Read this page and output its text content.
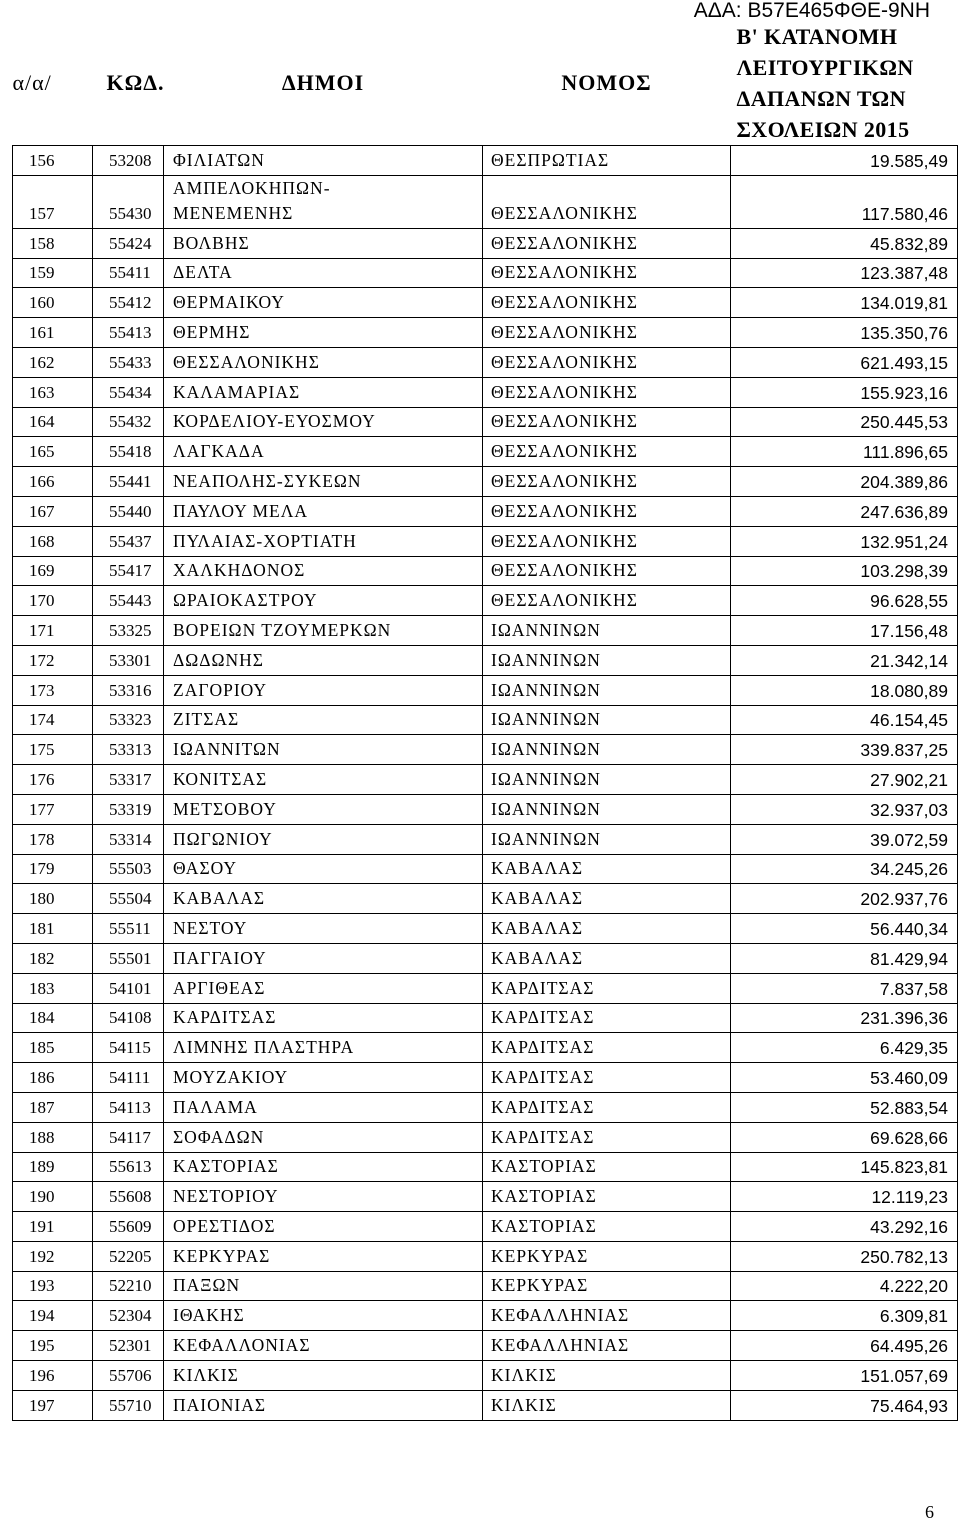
ΑΔΑ: Β57Ε465ΦΘΕ-9ΝΗ
α/α/	ΚΩΔ.	ΔΗΜΟΙ	ΝΟΜΟΣ	Β' ΚΑΤΑΝΟΜΗ
ΛΕΙΤΟΥΡΓΙΚΩΝ
ΔΑΠΑΝΩΝ ΤΩΝ
ΣΧΟΛΕΙΩΝ 2015

156	53208	ΦΙΛΙΑΤΩΝ	ΘΕΣΠΡΩΤΙΑΣ	19.585,49
157	55430	ΑΜΠΕΛΟΚΗΠΩΝ-
ΜΕΝΕΜΕΝΗΣ	ΘΕΣΣΑΛΟΝΙΚΗΣ	117.580,46
158	55424	ΒΟΛΒΗΣ	ΘΕΣΣΑΛΟΝΙΚΗΣ	45.832,89
159	55411	ΔΕΛΤΑ	ΘΕΣΣΑΛΟΝΙΚΗΣ	123.387,48
160	55412	ΘΕΡΜΑΙΚΟΥ	ΘΕΣΣΑΛΟΝΙΚΗΣ	134.019,81
161	55413	ΘΕΡΜΗΣ	ΘΕΣΣΑΛΟΝΙΚΗΣ	135.350,76
162	55433	ΘΕΣΣΑΛΟΝΙΚΗΣ	ΘΕΣΣΑΛΟΝΙΚΗΣ	621.493,15
163	55434	ΚΑΛΑΜΑΡΙΑΣ	ΘΕΣΣΑΛΟΝΙΚΗΣ	155.923,16
164	55432	ΚΟΡΔΕΛΙΟΥ-ΕΥΟΣΜΟΥ	ΘΕΣΣΑΛΟΝΙΚΗΣ	250.445,53
165	55418	ΛΑΓΚΑΔΑ	ΘΕΣΣΑΛΟΝΙΚΗΣ	111.896,65
166	55441	ΝΕΑΠΟΛΗΣ-ΣΥΚΕΩΝ	ΘΕΣΣΑΛΟΝΙΚΗΣ	204.389,86
167	55440	ΠΑΥΛΟΥ ΜΕΛΑ	ΘΕΣΣΑΛΟΝΙΚΗΣ	247.636,89
168	55437	ΠΥΛΑΙΑΣ-ΧΟΡΤΙΑΤΗ	ΘΕΣΣΑΛΟΝΙΚΗΣ	132.951,24
169	55417	ΧΑΛΚΗΔΟΝΟΣ	ΘΕΣΣΑΛΟΝΙΚΗΣ	103.298,39
170	55443	ΩΡΑΙΟΚΑΣΤΡΟΥ	ΘΕΣΣΑΛΟΝΙΚΗΣ	96.628,55
171	53325	ΒΟΡΕΙΩΝ ΤΖΟΥΜΕΡΚΩΝ	ΙΩΑΝΝΙΝΩΝ	17.156,48
172	53301	ΔΩΔΩΝΗΣ	ΙΩΑΝΝΙΝΩΝ	21.342,14
173	53316	ΖΑΓΟΡΙΟΥ	ΙΩΑΝΝΙΝΩΝ	18.080,89
174	53323	ΖΙΤΣΑΣ	ΙΩΑΝΝΙΝΩΝ	46.154,45
175	53313	ΙΩΑΝΝΙΤΩΝ	ΙΩΑΝΝΙΝΩΝ	339.837,25
176	53317	ΚΟΝΙΤΣΑΣ	ΙΩΑΝΝΙΝΩΝ	27.902,21
177	53319	ΜΕΤΣΟΒΟΥ	ΙΩΑΝΝΙΝΩΝ	32.937,03
178	53314	ΠΩΓΩΝΙΟΥ	ΙΩΑΝΝΙΝΩΝ	39.072,59
179	55503	ΘΑΣΟΥ	ΚΑΒΑΛΑΣ	34.245,26
180	55504	ΚΑΒΑΛΑΣ	ΚΑΒΑΛΑΣ	202.937,76
181	55511	ΝΕΣΤΟΥ	ΚΑΒΑΛΑΣ	56.440,34
182	55501	ΠΑΓΓΑΙΟΥ	ΚΑΒΑΛΑΣ	81.429,94
183	54101	ΑΡΓΙΘΕΑΣ	ΚΑΡΔΙΤΣΑΣ	7.837,58
184	54108	ΚΑΡΔΙΤΣΑΣ	ΚΑΡΔΙΤΣΑΣ	231.396,36
185	54115	ΛΙΜΝΗΣ ΠΛΑΣΤΗΡΑ	ΚΑΡΔΙΤΣΑΣ	6.429,35
186	54111	ΜΟΥΖΑΚΙΟΥ	ΚΑΡΔΙΤΣΑΣ	53.460,09
187	54113	ΠΑΛΑΜΑ	ΚΑΡΔΙΤΣΑΣ	52.883,54
188	54117	ΣΟΦΑΔΩΝ	ΚΑΡΔΙΤΣΑΣ	69.628,66
189	55613	ΚΑΣΤΟΡΙΑΣ	ΚΑΣΤΟΡΙΑΣ	145.823,81
190	55608	ΝΕΣΤΟΡΙΟΥ	ΚΑΣΤΟΡΙΑΣ	12.119,23
191	55609	ΟΡΕΣΤΙΔΟΣ	ΚΑΣΤΟΡΙΑΣ	43.292,16
192	52205	ΚΕΡΚΥΡΑΣ	ΚΕΡΚΥΡΑΣ	250.782,13
193	52210	ΠΑΞΩΝ	ΚΕΡΚΥΡΑΣ	4.222,20
194	52304	ΙΘΑΚΗΣ	ΚΕΦΑΛΛΗΝΙΑΣ	6.309,81
195	52301	ΚΕΦΑΛΛΟΝΙΑΣ	ΚΕΦΑΛΛΗΝΙΑΣ	64.495,26
196	55706	ΚΙΛΚΙΣ	ΚΙΛΚΙΣ	151.057,69
197	55710	ΠΑΙΟΝΙΑΣ	ΚΙΛΚΙΣ	75.464,93
6
